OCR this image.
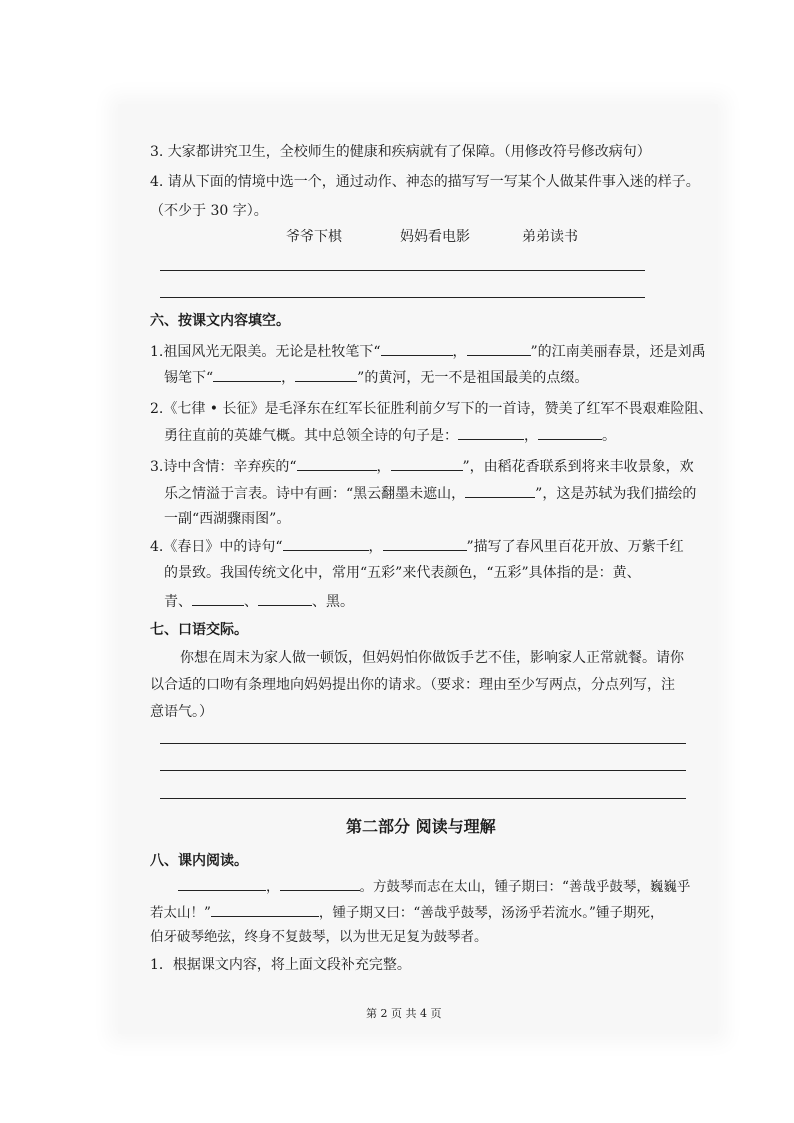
3. 大家都讲究卫生，全校师生的健康和疾病就有了保障。（用修改符号修改病句）
4. 请从下面的情境中选一个，通过动作、神态的描写写一写某个人做某件事入迷的样子。
（不少于 30 字）。
爷爷下棋	妈妈看电影	弟弟读书
六、按课文内容填空。
1.祖国风光无限美。无论是杜牧笔下“	，	”的江南美丽春景，还是刘禹
锡笔下“	，	”的黄河，无一不是祖国最美的点缀。
2.《七律 • 长征》是毛泽东在红军长征胜利前夕写下的一首诗，赞美了红军不畏艰难险阻、
勇往直前的英雄气概。其中总领全诗的句子是：	，	。
3.诗中含情：辛弃疾的“	，	”，由稻花香联系到将来丰收景象，欢
乐之情溢于言表。诗中有画：“黑云翻墨未遮山，	”，这是苏轼为我们描绘的
一副“西湖骤雨图”。
4.《春日》中的诗句“	，	”描写了春风里百花开放、万紫千红
的景致。我国传统文化中，常用“五彩”来代表颜色，“五彩”具体指的是：黄、
青、	、	、黑。
七、口语交际。
你想在周末为家人做一顿饭，但妈妈怕你做饭手艺不佳，影响家人正常就餐。请你
以合适的口吻有条理地向妈妈提出你的请求。（要求：理由至少写两点，分点列写，注
意语气。）
第二部分 阅读与理解
八、课内阅读。
，	。方鼓琴而志在太山，锺子期曰：“善哉乎鼓琴，巍巍乎
若太山！”	，锺子期又曰：“善哉乎鼓琴，汤汤乎若流水。”锺子期死，
伯牙破琴绝弦，终身不复鼓琴，以为世无足复为鼓琴者。
1．根据课文内容，将上面文段补充完整。
第 2 页 共 4 页
